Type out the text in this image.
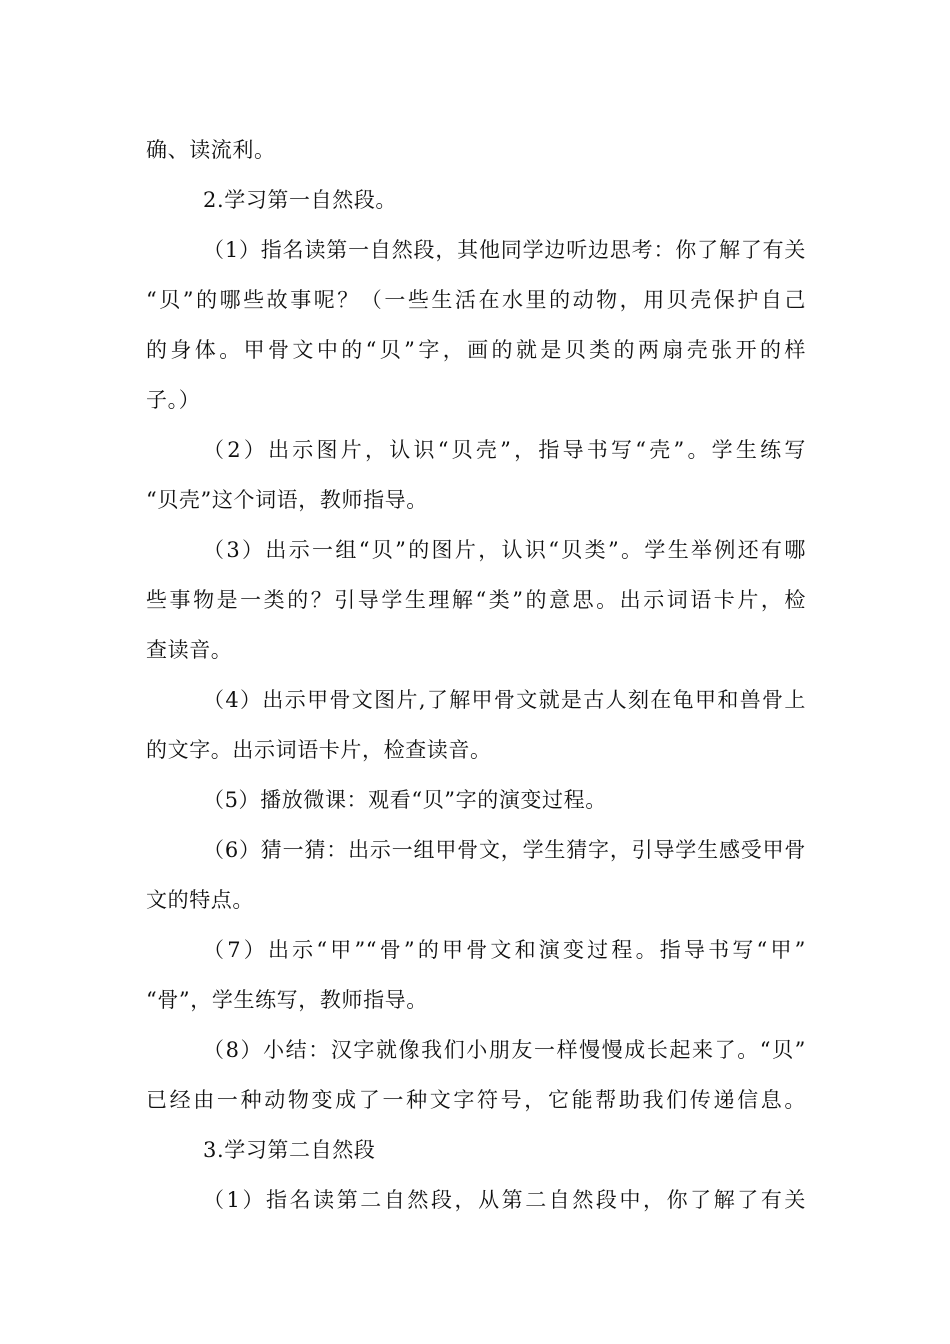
确、读流利。
2.学习第一自然段。
（1）指名读第一自然段，其他同学边听边思考：你了解了有关
“贝”的哪些故事呢？（一些生活在水里的动物，用贝壳保护自己
的身体。甲骨文中的“贝”字，画的就是贝类的两扇壳张开的样
子。）
（2）出示图片，认识“贝壳”，指导书写“壳”。学生练写
“贝壳”这个词语，教师指导。
（3）出示一组“贝”的图片，认识“贝类”。学生举例还有哪
些事物是一类的？引导学生理解“类”的意思。出示词语卡片，检
查读音。
（4）出示甲骨文图片,了解甲骨文就是古人刻在龟甲和兽骨上
的文字。出示词语卡片，检查读音。
（5）播放微课：观看“贝”字的演变过程。
（6）猜一猜：出示一组甲骨文，学生猜字，引导学生感受甲骨
文的特点。
（7）出示“甲”“骨”的甲骨文和演变过程。指导书写“甲”
“骨”，学生练写，教师指导。
（8）小结：汉字就像我们小朋友一样慢慢成长起来了。“贝”
已经由一种动物变成了一种文字符号，它能帮助我们传递信息。
3.学习第二自然段
（1）指名读第二自然段，从第二自然段中，你了解了有关
